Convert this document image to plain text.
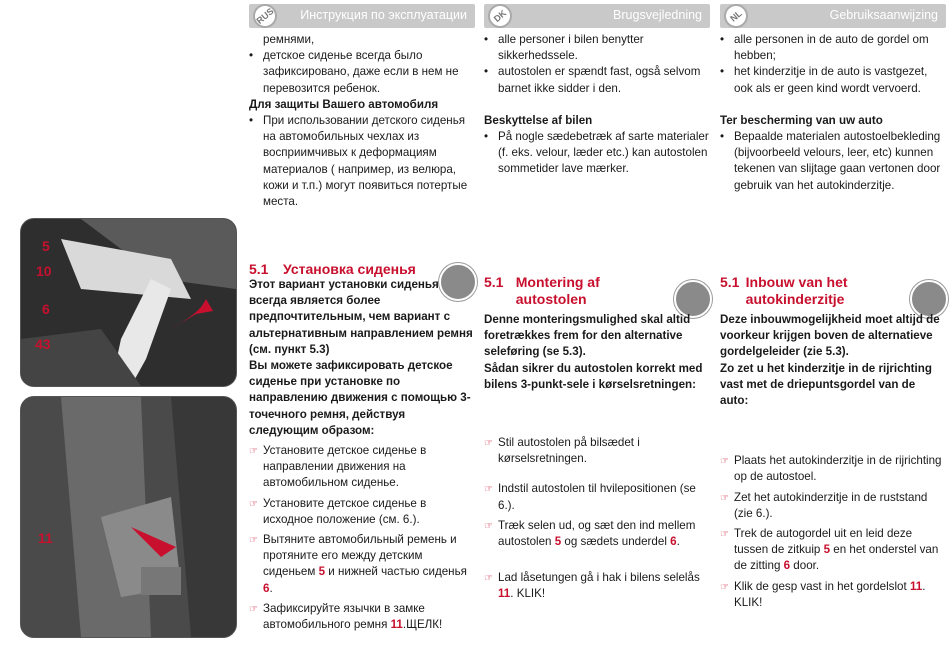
RUS	Инструкция по эксплуатации	DK	Brugsvejledning	NL	Gebruiksaanwijzing
5
10
6
43
11

ремнями,

• детское сиденье всегда было зафиксировано, даже если в нем не перевозится ребенок.

Для защиты Вашего автомобиля

• При использовании детского сиденья на автомобильных чехлах из восприимчивых к деформациям материалов ( например, из велюра, кожи и т.п.) могут появиться потертые места.

5.1 Установка сиденья

Этот вариант установки сиденья всегда является более предпочтительным, чем вариант с альтернативным направлением ремня (см. пункт 5.3)

Вы можете зафиксировать детское сиденье при установке по направлению движения с помощью 3-точечного ремня, действуя следующим образом:

☞ Установите детское сиденье в направлении движения на автомобильном сиденье.

☞ Установите детское сиденье в исходное положение (см. 6.).

☞ Вытяните автомобильный ремень и протяните его между детским сиденьем 5 и нижней частью сиденья 6.

☞ Зафиксируйте язычки в замке автомобильного ремня 11.ЩЕЛК!

• alle personer i bilen benytter sikkerhedssele.

• autostolen er spændt fast, også selvom barnet ikke sidder i den.

Beskyttelse af bilen

• På nogle sædebetræk af sarte materialer (f. eks. velour, læder etc.) kan autostolen sommetider lave mærker.

5.1 Montering af autostolen

Denne monteringsmulighed skal altid foretrækkes frem for den alternative seleføring (se 5.3).

Sådan sikrer du autostolen korrekt med bilens 3-punkt-sele i kørselsretningen:

☞ Stil autostolen på bilsædet i kørselsretningen.

☞ Indstil autostolen til hvilepositionen (se 6.).

☞ Træk selen ud, og sæt den ind mellem autostolen 5 og sædets underdel 6.

☞ Lad låsetungen gå i hak i bilens selelås 11. KLIK!

• alle personen in de auto de gordel om hebben;

• het kinderzitje in de auto is vastgezet, ook als er geen kind wordt vervoerd.

Ter bescherming van uw auto

• Bepaalde materialen autostoelbekleding (bijvoorbeeld velours, leer, etc) kunnen tekenen van slijtage gaan vertonen door gebruik van het autokinderzitje.

5.1 Inbouw van het autokinderzitje

Deze inbouwmogelijkheid moet altijd de voorkeur krijgen boven de alternatieve gordelgeleider (zie 5.3).

Zo zet u het kinderzitje in de rijrichting vast met de driepuntsgordel van de auto:

☞ Plaats het autokinderzitje in de rijrichting op de autostoel.

☞ Zet het autokinderzitje in de ruststand (zie 6.).

☞ Trek de autogordel uit en leid deze tussen de zitkuip 5 en het onderstel van de zitting 6 door.

☞ Klik de gesp vast in het gordelslot 11. KLIK!
